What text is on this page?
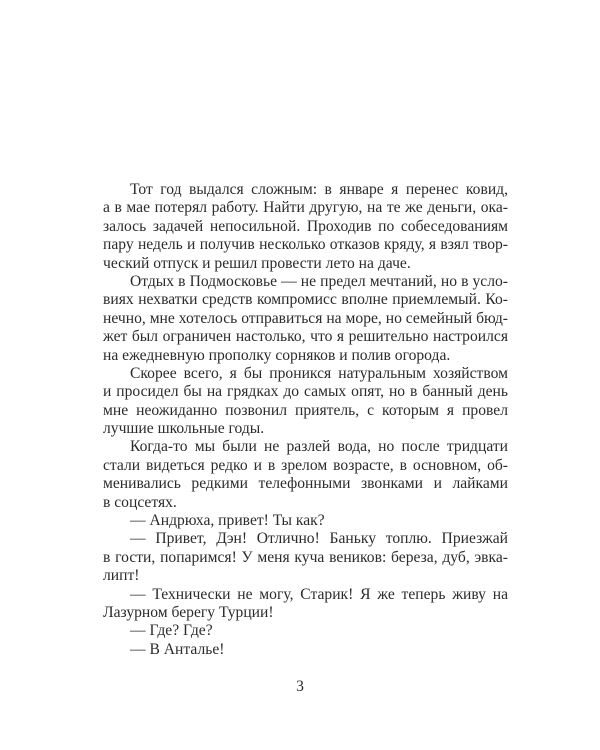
Тот год выдался сложным: в январе я перенес ковид,
а в мае потерял работу. Найти другую, на те же деньги, ока-
залось задачей непосильной. Проходив по собеседованиям
пару недель и получив несколько отказов кряду, я взял твор-
ческий отпуск и решил провести лето на даче.
Отдых в Подмосковье — не предел мечтаний, но в усло-
виях нехватки средств компромисс вполне приемлемый. Ко-
нечно, мне хотелось отправиться на море, но семейный бюд-
жет был ограничен настолько, что я решительно настроился
на ежедневную прополку сорняков и полив огорода.
Скорее всего, я бы проникся натуральным хозяйством
и просидел бы на грядках до самых опят, но в банный день
мне неожиданно позвонил приятель, с которым я провел
лучшие школьные годы.
Когда-то мы были не разлей вода, но после тридцати
стали видеться редко и в зрелом возрасте, в основном, об-
менивались редкими телефонными звонками и лайками
в соцсетях.
— Андрюха, привет! Ты как?
— Привет, Дэн! Отлично! Баньку топлю. Приезжай
в гости, попаримся! У меня куча веников: береза, дуб, эвка-
липт!
— Технически не могу, Старик! Я же теперь живу на
Лазурном берегу Турции!
— Где? Где?
— В Анталье!
3
